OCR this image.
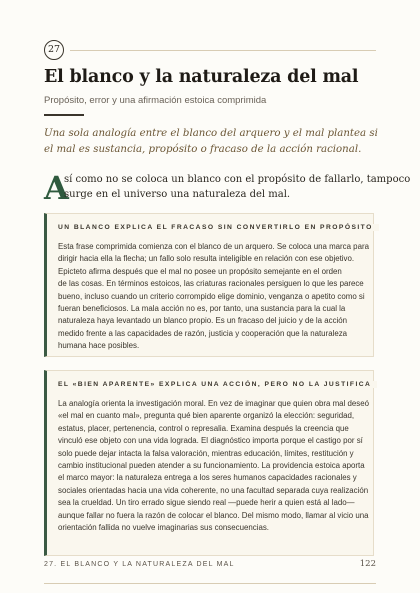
27
El blanco y la naturaleza del mal
Propósito, error y una afirmación estoica comprimida

Una sola analogía entre el blanco del arquero y el mal plantea si el mal es sustancia, propósito o fracaso de la acción racional.

A

sí como no se coloca un blanco con el propósito de fallarlo, tampoco
surge en el universo una naturaleza del mal.

UN BLANCO EXPLICA EL FRACASO SIN CONVERTIRLO EN PROPÓSITO
Esta frase comprimida comienza con el blanco de un arquero. Se coloca una marca para
dirigir hacia ella la flecha; un fallo solo resulta inteligible en relación con ese objetivo.
Epicteto afirma después que el mal no posee un propósito semejante en el orden
de las cosas. En términos estoicos, las criaturas racionales persiguen lo que les parece
bueno, incluso cuando un criterio corrompido elige dominio, venganza o apetito como si
fueran beneficiosos. La mala acción no es, por tanto, una sustancia para la cual la
naturaleza haya levantado un blanco propio. Es un fracaso del juicio y de la acción
medido frente a las capacidades de razón, justicia y cooperación que la naturaleza
humana hace posibles.
EL «BIEN APARENTE» EXPLICA UNA ACCIÓN, PERO NO LA JUSTIFICA
La analogía orienta la investigación moral. En vez de imaginar que quien obra mal deseó
«el mal en cuanto mal», pregunta qué bien aparente organizó la elección: seguridad,
estatus, placer, pertenencia, control o represalia. Examina después la creencia que
vinculó ese objeto con una vida lograda. El diagnóstico importa porque el castigo por sí
solo puede dejar intacta la falsa valoración, mientras educación, límites, restitución y
cambio institucional pueden atender a su funcionamiento. La providencia estoica aporta
el marco mayor: la naturaleza entrega a los seres humanos capacidades racionales y
sociales orientadas hacia una vida coherente, no una facultad separada cuya realización
sea la crueldad. Un tiro errado sigue siendo real —puede herir a quien está al lado—
aunque fallar no fuera la razón de colocar el blanco. Del mismo modo, llamar al vicio una
orientación fallida no vuelve imaginarias sus consecuencias.
27. EL BLANCO Y LA NATURALEZA DEL MAL	122
